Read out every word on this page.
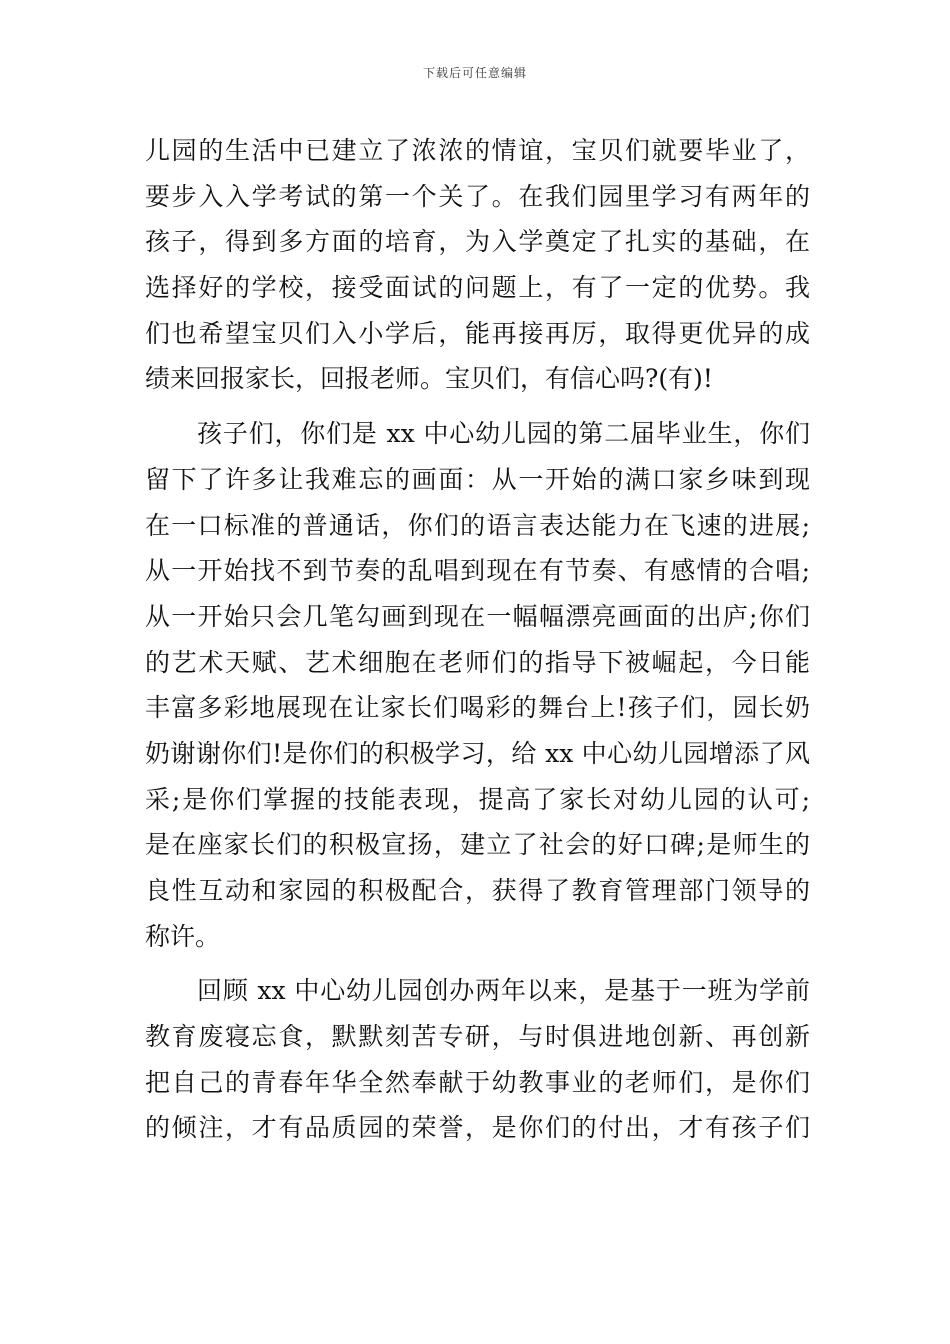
下载后可任意编辑
儿园的生活中已建立了浓浓的情谊，宝贝们就要毕业了，
要步入入学考试的第一个关了。在我们园里学习有两年的
孩子，得到多方面的培育，为入学奠定了扎实的基础，在
选择好的学校，接受面试的问题上，有了一定的优势。我
们也希望宝贝们入小学后，能再接再厉，取得更优异的成
绩来回报家长，回报老师。宝贝们，有信心吗?(有)!
孩子们，你们是 xx 中心幼儿园的第二届毕业生，你们
留下了许多让我难忘的画面：从一开始的满口家乡味到现
在一口标准的普通话，你们的语言表达能力在飞速的进展;
从一开始找不到节奏的乱唱到现在有节奏、有感情的合唱;
从一开始只会几笔勾画到现在一幅幅漂亮画面的出庐;你们
的艺术天赋、艺术细胞在老师们的指导下被崛起，今日能
丰富多彩地展现在让家长们喝彩的舞台上!孩子们，园长奶
奶谢谢你们!是你们的积极学习，给 xx 中心幼儿园增添了风
采;是你们掌握的技能表现，提高了家长对幼儿园的认可;
是在座家长们的积极宣扬，建立了社会的好口碑;是师生的
良性互动和家园的积极配合，获得了教育管理部门领导的
称许。
回顾 xx 中心幼儿园创办两年以来，是基于一班为学前
教育废寝忘食，默默刻苦专研，与时俱进地创新、再创新
把自己的青春年华全然奉献于幼教事业的老师们，是你们
的倾注，才有品质园的荣誉，是你们的付出，才有孩子们
